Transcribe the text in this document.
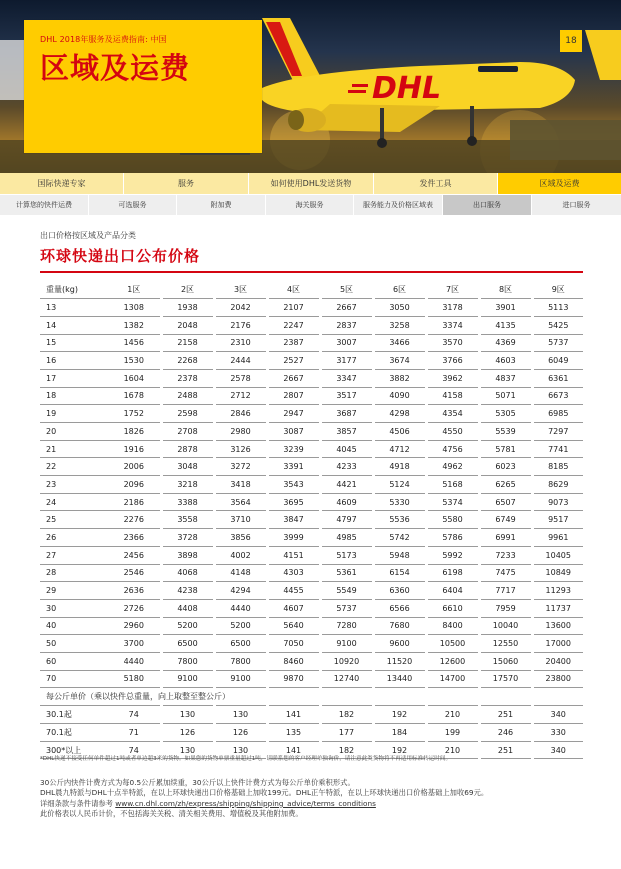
DHL
DHL 2018年服务及运费指南: 中国
区域及运费
18
国际快递专家	服务	如何使用DHL发送货物	发件工具	区域及运费
计算您的快件运费	可选服务	附加费	海关服务	服务能力及价格区域表	出口服务	进口服务
出口价格按区域及产品分类
环球快递出口公布价格
重量(kg)	1区	2区	3区	4区	5区	6区	7区	8区	9区
13	1308	1938	2042	2107	2667	3050	3178	3901	5113
14	1382	2048	2176	2247	2837	3258	3374	4135	5425
15	1456	2158	2310	2387	3007	3466	3570	4369	5737
16	1530	2268	2444	2527	3177	3674	3766	4603	6049
17	1604	2378	2578	2667	3347	3882	3962	4837	6361
18	1678	2488	2712	2807	3517	4090	4158	5071	6673
19	1752	2598	2846	2947	3687	4298	4354	5305	6985
20	1826	2708	2980	3087	3857	4506	4550	5539	7297
21	1916	2878	3126	3239	4045	4712	4756	5781	7741
22	2006	3048	3272	3391	4233	4918	4962	6023	8185
23	2096	3218	3418	3543	4421	5124	5168	6265	8629
24	2186	3388	3564	3695	4609	5330	5374	6507	9073
25	2276	3558	3710	3847	4797	5536	5580	6749	9517
26	2366	3728	3856	3999	4985	5742	5786	6991	9961
27	2456	3898	4002	4151	5173	5948	5992	7233	10405
28	2546	4068	4148	4303	5361	6154	6198	7475	10849
29	2636	4238	4294	4455	5549	6360	6404	7717	11293
30	2726	4408	4440	4607	5737	6566	6610	7959	11737
40	2960	5200	5200	5640	7280	7680	8400	10040	13600
50	3700	6500	6500	7050	9100	9600	10500	12550	17000
60	4440	7800	7800	8460	10920	11520	12600	15060	20400
70	5180	9100	9100	9870	12740	13440	14700	17570	23800
每公斤单价（乘以快件总重量，向上取整至整公斤）									
30.1起	74	130	130	141	182	192	210	251	340
70.1起	71	126	126	135	177	184	199	246	330
300*以上	74	130	130	141	182	192	210	251	340
*DHL快递不接受任何单件超过1吨或者单边超3米的货物。如果您的货物单票重量超过1吨，请联系您的客户经理单独询价，请注意此类货物将不再适用标准转运时间。
30公斤内快件计费方式为每0.5公斤累加续重，30公斤以上快件计费方式为每公斤单价乘积形式。
DHL晨九特派与DHL十点半特派，在以上环球快递出口价格基础上加收199元。DHL正午特派，在以上环球快递出口价格基础上加收69元。
详细条款与条件请参考 www.cn.dhl.com/zh/express/shipping/shipping_advice/terms_conditions
此价格表以人民币计价，不包括海关关税、清关相关费用、增值税及其他附加费。
